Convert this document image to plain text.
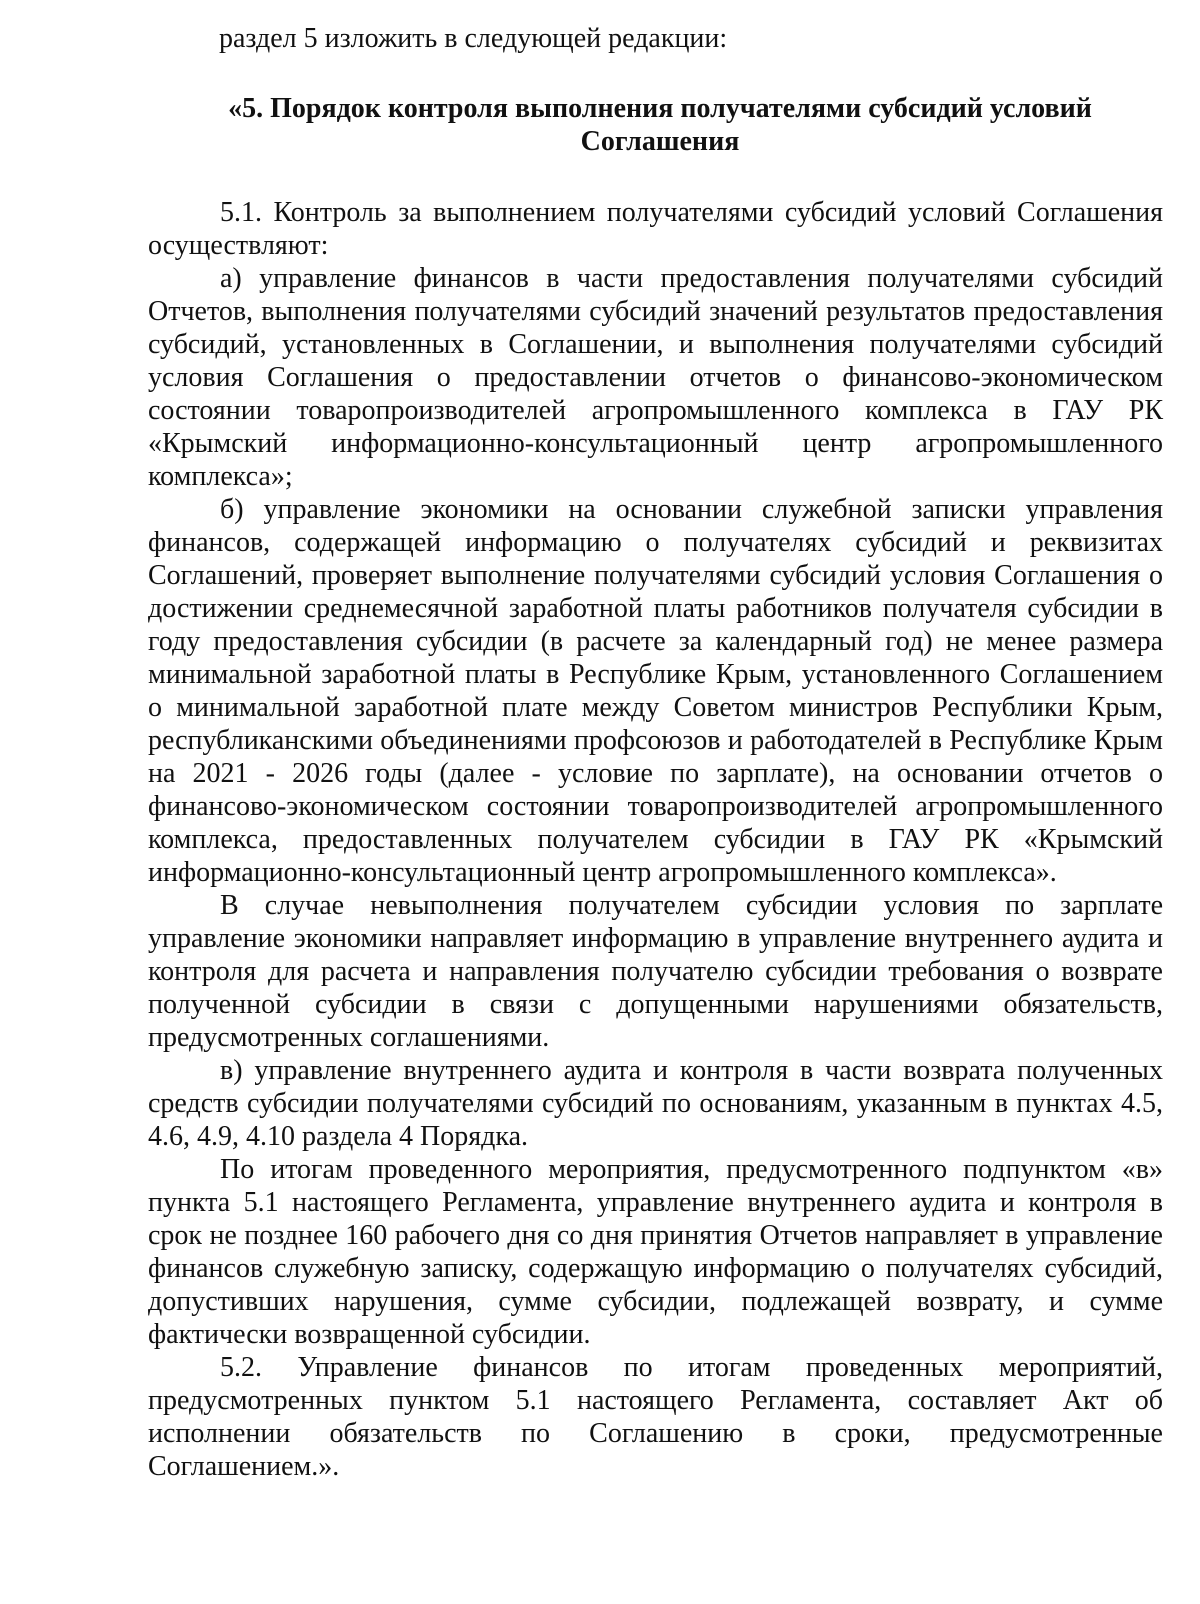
раздел 5 изложить в следующей редакции:

«5. Порядок контроля выполнения получателями субсидий условий
Соглашения

5.1. Контроль за выполнением получателями субсидий условий Соглашения осуществляют:

а) управление финансов в части предоставления получателями субсидий Отчетов, выполнения получателями субсидий значений результатов предоставления субсидий, установленных в Соглашении, и выполнения получателями субсидий условия Соглашения о предоставлении отчетов о финансово-экономическом состоянии товаропроизводителей агропромышленного комплекса в ГАУ РК «Крымский информационно-консультационный центр агропромышленного комплекса»;

б) управление экономики на основании служебной записки управления финансов, содержащей информацию о получателях субсидий и реквизитах Соглашений, проверяет выполнение получателями субсидий условия Соглашения о достижении среднемесячной заработной платы работников получателя субсидии в году предоставления субсидии (в расчете за календарный год) не менее размера минимальной заработной платы в Республике Крым, установленного Соглашением о минимальной заработной плате между Советом министров Республики Крым, республиканскими объединениями профсоюзов и работодателей в Республике Крым на 2021 - 2026 годы (далее - условие по зарплате), на основании отчетов о финансово-экономическом состоянии товаропроизводителей агропромышленного комплекса, предоставленных получателем субсидии в ГАУ РК «Крымский информационно-консультационный центр агропромышленного комплекса».

В случае невыполнения получателем субсидии условия по зарплате управление экономики направляет информацию в управление внутреннего аудита и контроля для расчета и направления получателю субсидии требования о возврате полученной субсидии в связи с допущенными нарушениями обязательств, предусмотренных соглашениями.

в) управление внутреннего аудита и контроля в части возврата полученных средств субсидии получателями субсидий по основаниям, указанным в пунктах 4.5, 4.6, 4.9, 4.10 раздела 4 Порядка.

По итогам проведенного мероприятия, предусмотренного подпунктом «в» пункта 5.1 настоящего Регламента, управление внутреннего аудита и контроля в срок не позднее 160 рабочего дня со дня принятия Отчетов направляет в управление финансов служебную записку, содержащую информацию о получателях субсидий, допустивших нарушения, сумме субсидии, подлежащей возврату, и сумме фактически возвращенной субсидии.

5.2. Управление финансов по итогам проведенных мероприятий, предусмотренных пунктом 5.1 настоящего Регламента, составляет Акт об исполнении обязательств по Соглашению в сроки, предусмотренные Соглашением.».
